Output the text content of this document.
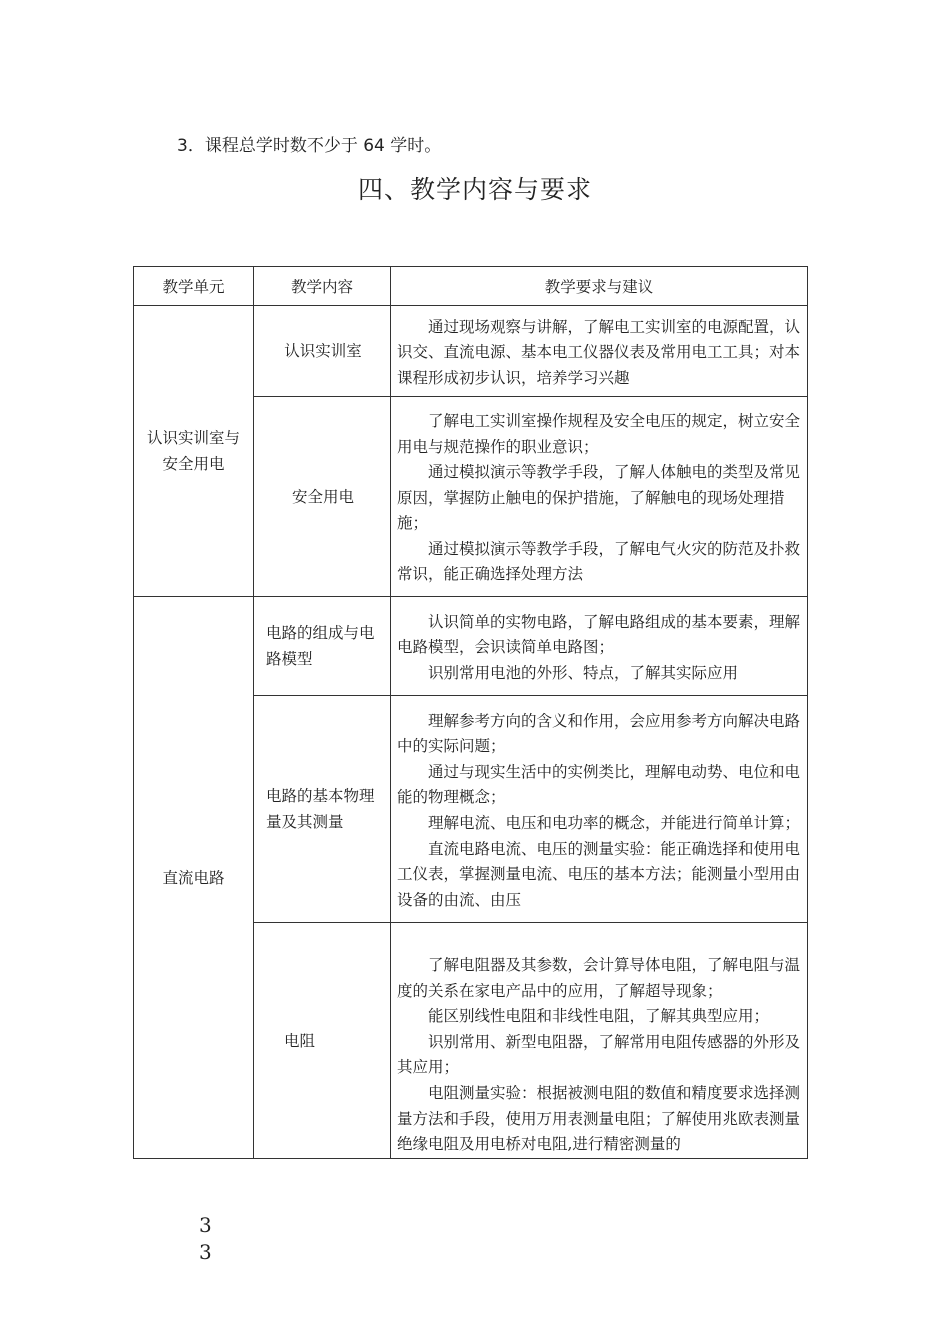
3．课程总学时数不少于 64 学时。
四、教学内容与要求
教学单元	教学内容	教学要求与建议
认识实训室与安全用电	认识实训室	通过现场观察与讲解，了解电工实训室的电源配置，认识交、直流电源、基本电工仪器仪表及常用电工工具；对本课程形成初步认识，培养学习兴趣

	安全用电	了解电工实训室操作规程及安全电压的规定，树立安全用电与规范操作的职业意识；

通过模拟演示等教学手段，了解人体触电的类型及常见原因，掌握防止触电的保护措施，了解触电的现场处理措施；

通过模拟演示等教学手段，了解电气火灾的防范及扑救常识，能正确选择处理方法

直流电路	电路的组成与电路模型	认识简单的实物电路，了解电路组成的基本要素，理解电路模型，会识读简单电路图；

识别常用电池的外形、特点，了解其实际应用

	电路的基本物理量及其测量	理解参考方向的含义和作用，会应用参考方向解决电路中的实际问题；

通过与现实生活中的实例类比，理解电动势、电位和电能的物理概念；

理解电流、电压和电功率的概念，并能进行简单计算；

直流电路电流、电压的测量实验：能正确选择和使用电工仪表，掌握测量电流、电压的基本方法；能测量小型用由设备的由流、由压

	电阻	了解电阻器及其参数，会计算导体电阻，了解电阻与温度的关系在家电产品中的应用，了解超导现象；

能区别线性电阻和非线性电阻，了解其典型应用；

识别常用、新型电阻器，了解常用电阻传感器的外形及其应用；

电阻测量实验：根据被测电阻的数值和精度要求选择测量方法和手段，使用万用表测量电阻；了解使用兆欧表测量绝缘电阻及用电桥对电阻,进行精密测量的

3
3
